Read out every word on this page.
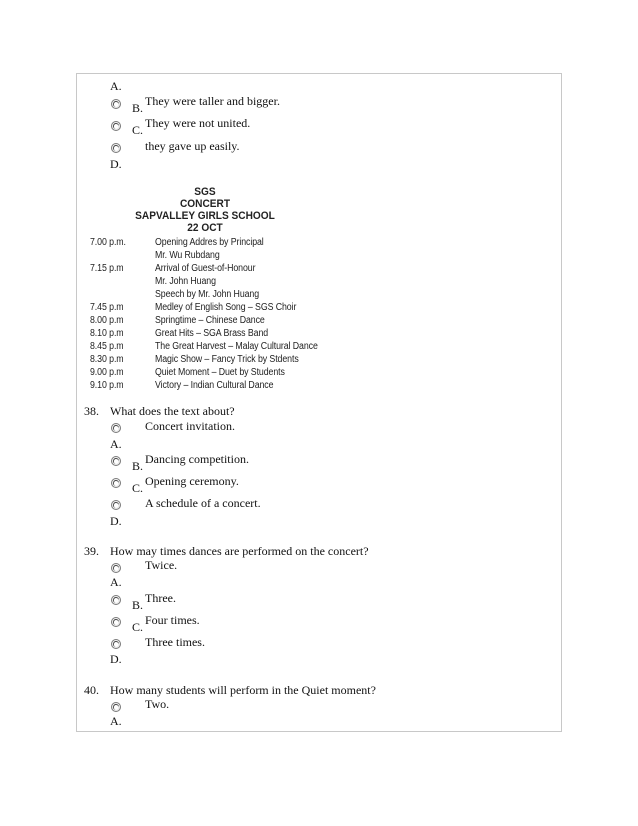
A.
B. They were taller and bigger.
C. They were not united.
they gave up easily.
D.
SGS
CONCERT
SAPVALLEY GIRLS SCHOOL
22 OCT
7.00 p.m.	Opening Addres by Principal
Mr. Wu Rubdang
7.15 p.m	Arrival of Guest-of-Honour
Mr. John Huang
Speech by Mr. John Huang
7.45 p.m	Medley of English Song – SGS Choir
8.00 p.m	Springtime – Chinese Dance
8.10 p.m	Great Hits – SGA Brass Band
8.45 p.m	The Great Harvest – Malay Cultural Dance
8.30 p.m	Magic Show – Fancy Trick by Stdents
9.00 p.m	Quiet Moment – Duet by Students
9.10 p.m	Victory – Indian Cultural Dance
38. What does the text about?
Concert invitation.
A.
B. Dancing competition.
C. Opening ceremony.
A schedule of a concert.
D.
39. How may times dances are performed on the concert?
Twice.
A.
B. Three.
C. Four times.
Three times.
D.
40. How many students will perform in the Quiet moment?
Two.
A.
